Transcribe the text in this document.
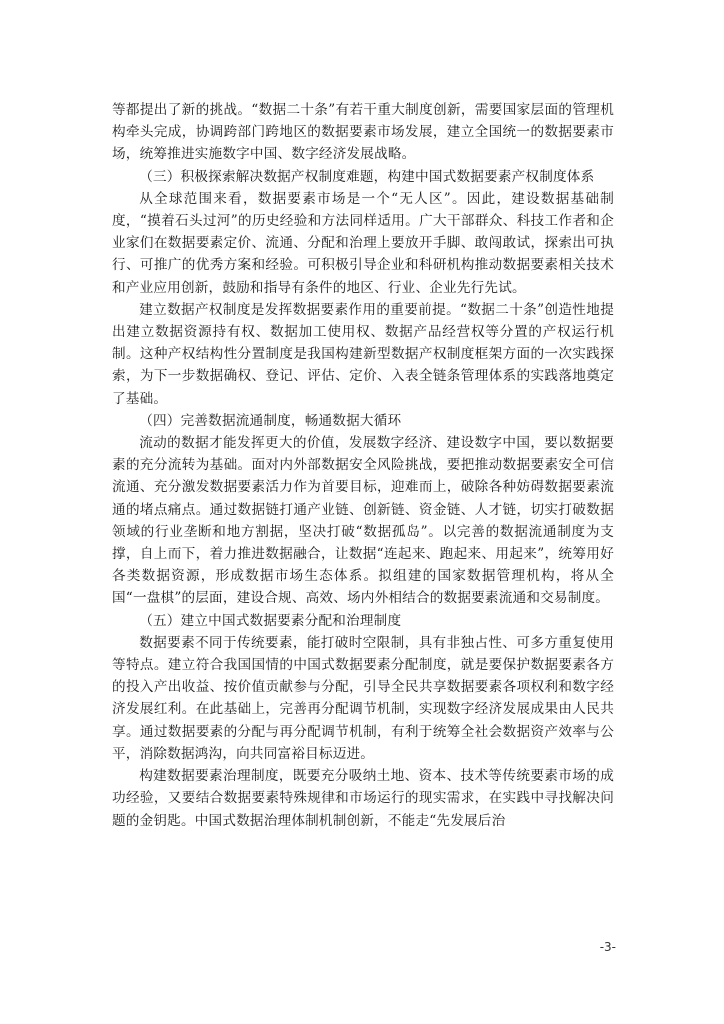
等都提出了新的挑战。“数据二十条”有若干重大制度创新，需要国家层面的管理机构牵头完成，协调跨部门跨地区的数据要素市场发展，建立全国统一的数据要素市场，统筹推进实施数字中国、数字经济发展战略。

（三）积极探索解决数据产权制度难题，构建中国式数据要素产权制度体系

从全球范围来看，数据要素市场是一个“无人区”。因此，建设数据基础制度，“摸着石头过河”的历史经验和方法同样适用。广大干部群众、科技工作者和企业家们在数据要素定价、流通、分配和治理上要放开手脚、敢闯敢试，探索出可执行、可推广的优秀方案和经验。可积极引导企业和科研机构推动数据要素相关技术和产业应用创新，鼓励和指导有条件的地区、行业、企业先行先试。

建立数据产权制度是发挥数据要素作用的重要前提。“数据二十条”创造性地提出建立数据资源持有权、数据加工使用权、数据产品经营权等分置的产权运行机制。这种产权结构性分置制度是我国构建新型数据产权制度框架方面的一次实践探索，为下一步数据确权、登记、评估、定价、入表全链条管理体系的实践落地奠定了基础。

（四）完善数据流通制度，畅通数据大循环

流动的数据才能发挥更大的价值，发展数字经济、建设数字中国，要以数据要素的充分流转为基础。面对内外部数据安全风险挑战，要把推动数据要素安全可信流通、充分激发数据要素活力作为首要目标，迎难而上，破除各种妨碍数据要素流通的堵点痛点。通过数据链打通产业链、创新链、资金链、人才链，切实打破数据领域的行业垄断和地方割据，坚决打破“数据孤岛”。以完善的数据流通制度为支撑，自上而下，着力推进数据融合，让数据“连起来、跑起来、用起来”，统筹用好各类数据资源，形成数据市场生态体系。拟组建的国家数据管理机构，将从全国“一盘棋”的层面，建设合规、高效、场内外相结合的数据要素流通和交易制度。

（五）建立中国式数据要素分配和治理制度

数据要素不同于传统要素，能打破时空限制，具有非独占性、可多方重复使用等特点。建立符合我国国情的中国式数据要素分配制度，就是要保护数据要素各方的投入产出收益、按价值贡献参与分配，引导全民共享数据要素各项权利和数字经济发展红利。在此基础上，完善再分配调节机制，实现数字经济发展成果由人民共享。通过数据要素的分配与再分配调节机制，有利于统筹全社会数据资产效率与公平，消除数据鸿沟，向共同富裕目标迈进。

构建数据要素治理制度，既要充分吸纳土地、资本、技术等传统要素市场的成功经验，又要结合数据要素特殊规律和市场运行的现实需求，在实践中寻找解决问题的金钥匙。中国式数据治理体制机制创新，不能走“先发展后治

-3-
